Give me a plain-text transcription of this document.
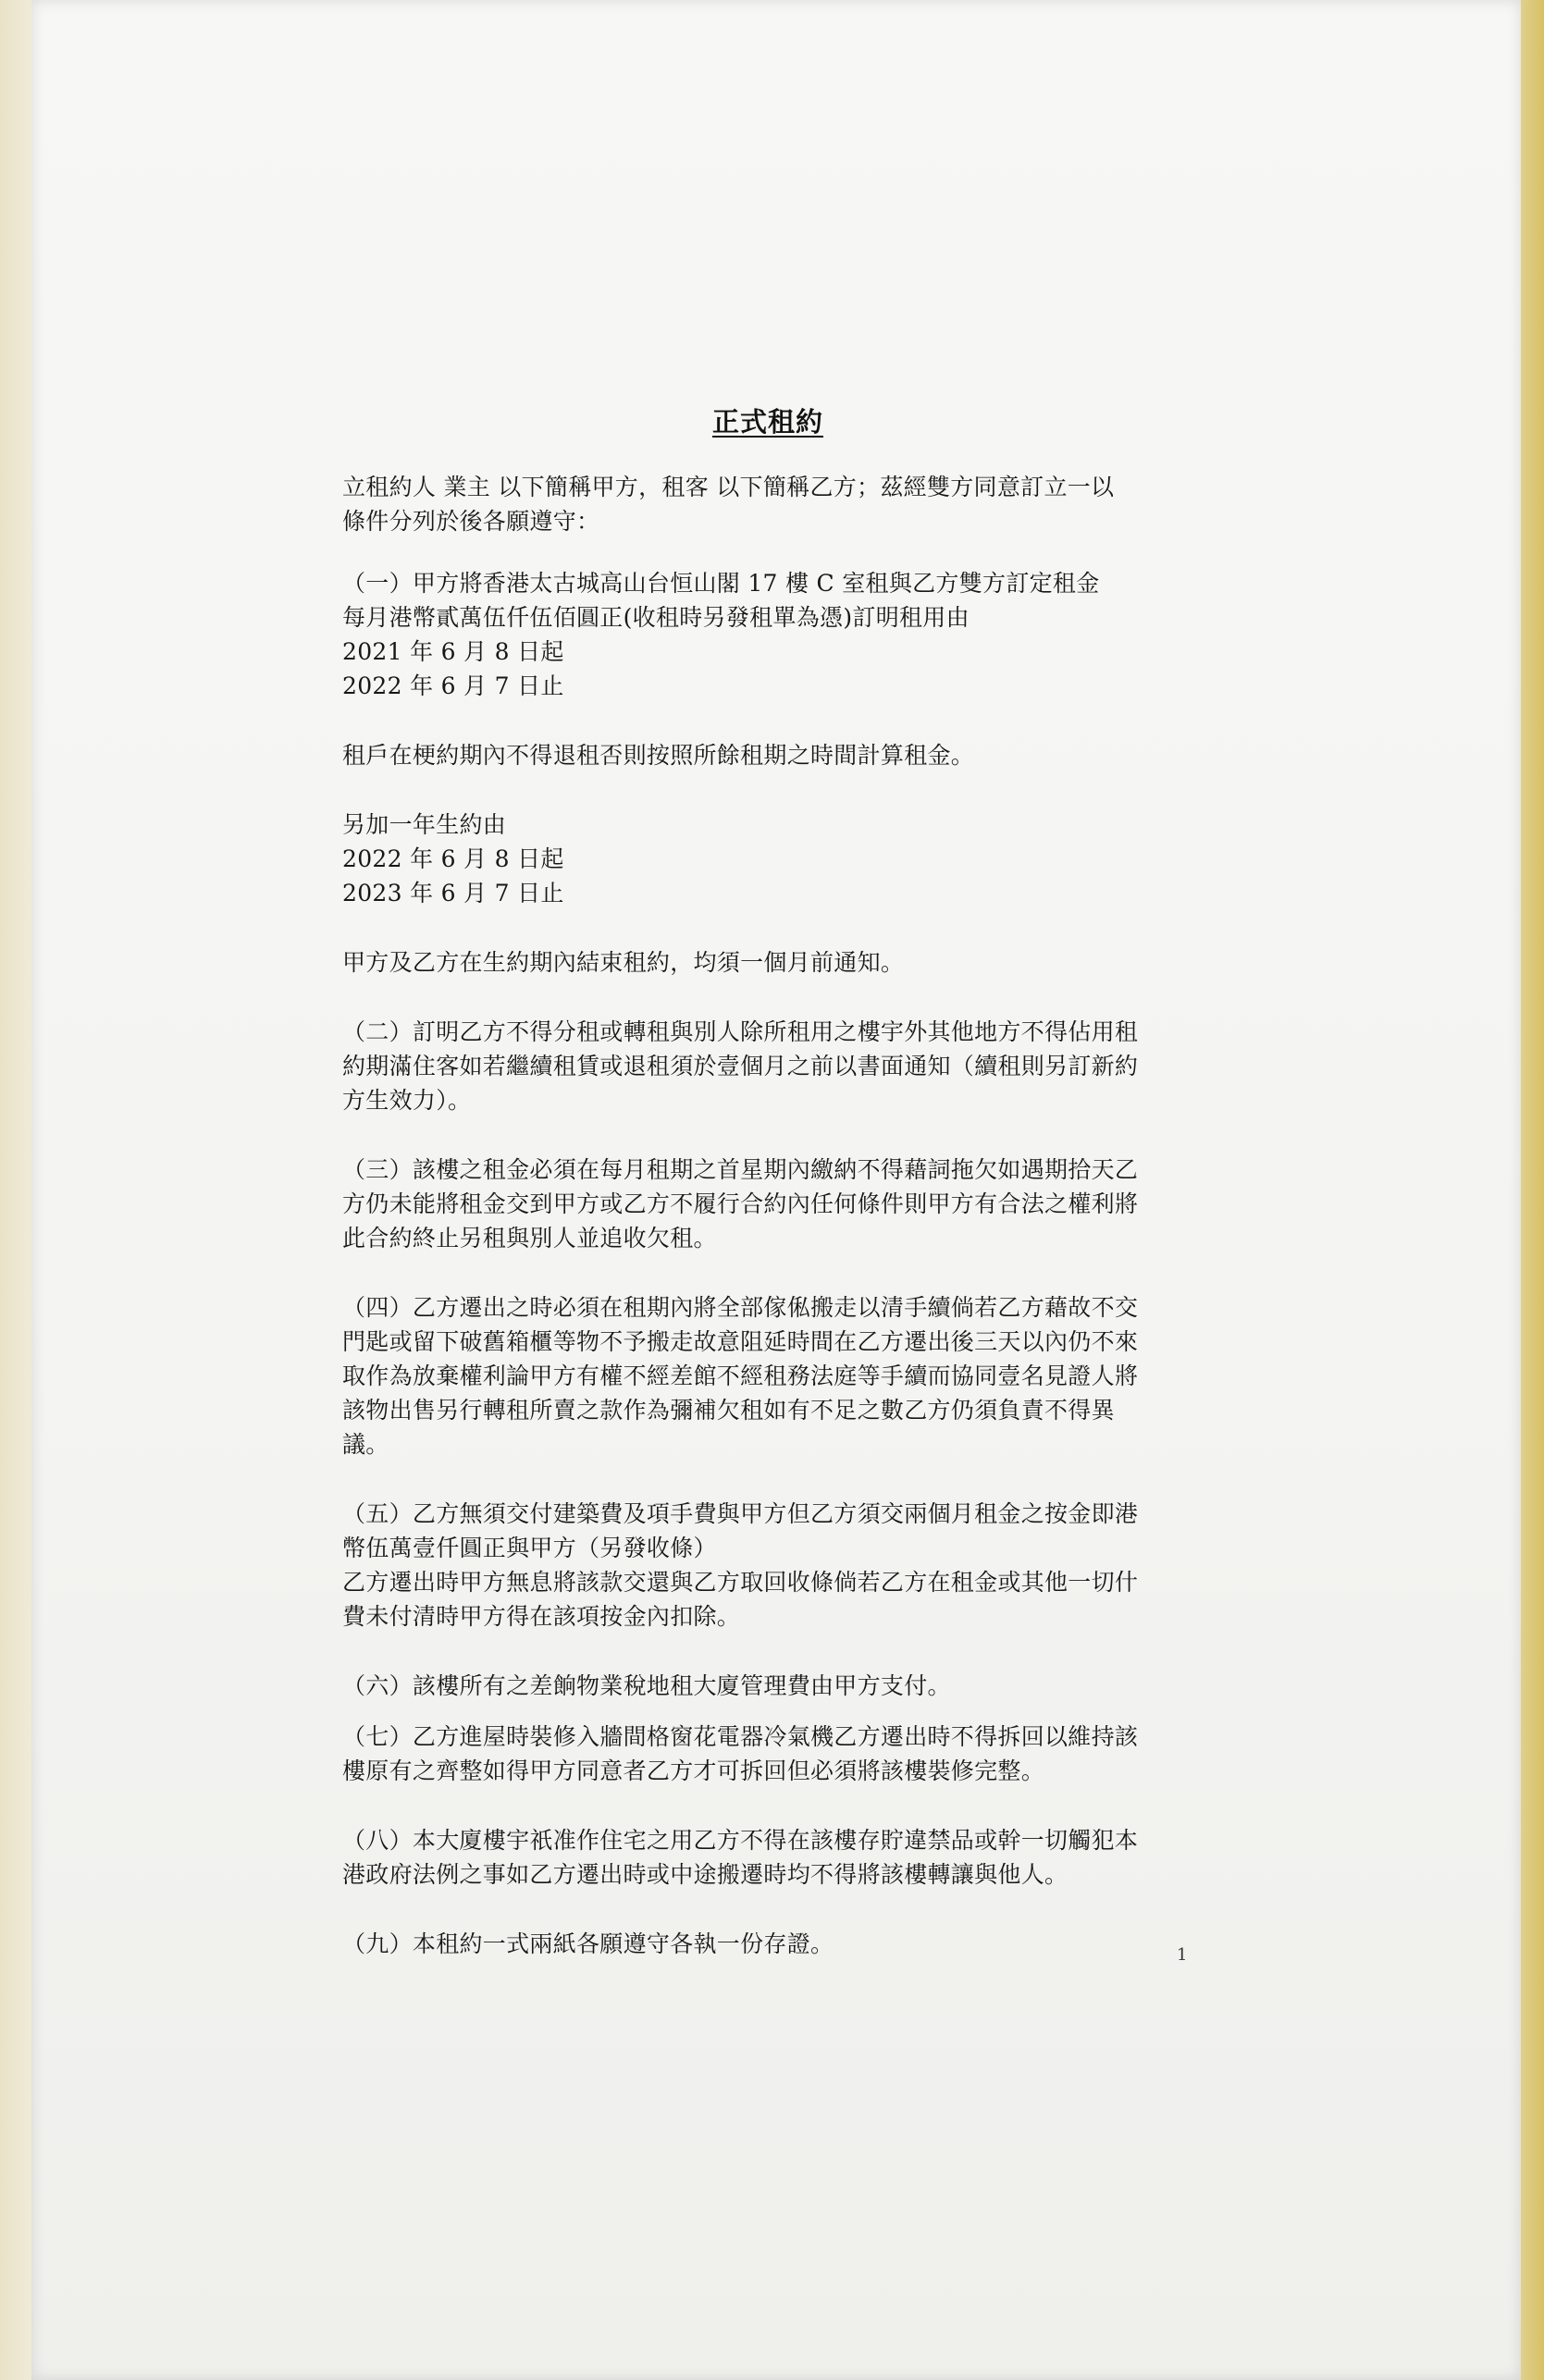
正式租約
立租約人 業主 以下簡稱甲方，租客 以下簡稱乙方；茲經雙方同意訂立一以
條件分列於後各願遵守：
（一）甲方將香港太古城高山台恒山閣 17 樓 C 室租與乙方雙方訂定租金
每月港幣貳萬伍仟伍佰圓正(收租時另發租單為憑)訂明租用由
2021 年 6 月 8 日起
2022 年 6 月 7 日止
租戶在梗約期內不得退租否則按照所餘租期之時間計算租金。
另加一年生約由
2022 年 6 月 8 日起
2023 年 6 月 7 日止
甲方及乙方在生約期內結束租約，均須一個月前通知。
（二）訂明乙方不得分租或轉租與別人除所租用之樓宇外其他地方不得佔用租
約期滿住客如若繼續租賃或退租須於壹個月之前以書面通知（續租則另訂新約
方生效力）。
（三）該樓之租金必須在每月租期之首星期內繳納不得藉詞拖欠如遇期拾天乙
方仍未能將租金交到甲方或乙方不履行合約內任何條件則甲方有合法之權利將
此合約終止另租與別人並追收欠租。
（四）乙方遷出之時必須在租期內將全部傢俬搬走以清手續倘若乙方藉故不交
門匙或留下破舊箱櫃等物不予搬走故意阻延時間在乙方遷出後三天以內仍不來
取作為放棄權利論甲方有權不經差館不經租務法庭等手續而協同壹名見證人將
該物出售另行轉租所賣之款作為彌補欠租如有不足之數乙方仍須負責不得異
議。
（五）乙方無須交付建築費及項手費與甲方但乙方須交兩個月租金之按金即港
幣伍萬壹仟圓正與甲方（另發收條）
乙方遷出時甲方無息將該款交還與乙方取回收條倘若乙方在租金或其他一切什
費未付清時甲方得在該項按金內扣除。
（六）該樓所有之差餉物業稅地租大廈管理費由甲方支付。
（七）乙方進屋時裝修入牆間格窗花電器冷氣機乙方遷出時不得拆回以維持該
樓原有之齊整如得甲方同意者乙方才可拆回但必須將該樓裝修完整。
（八）本大廈樓宇祇准作住宅之用乙方不得在該樓存貯違禁品或幹一切觸犯本
港政府法例之事如乙方遷出時或中途搬遷時均不得將該樓轉讓與他人。
（九）本租約一式兩紙各願遵守各執一份存證。	1
